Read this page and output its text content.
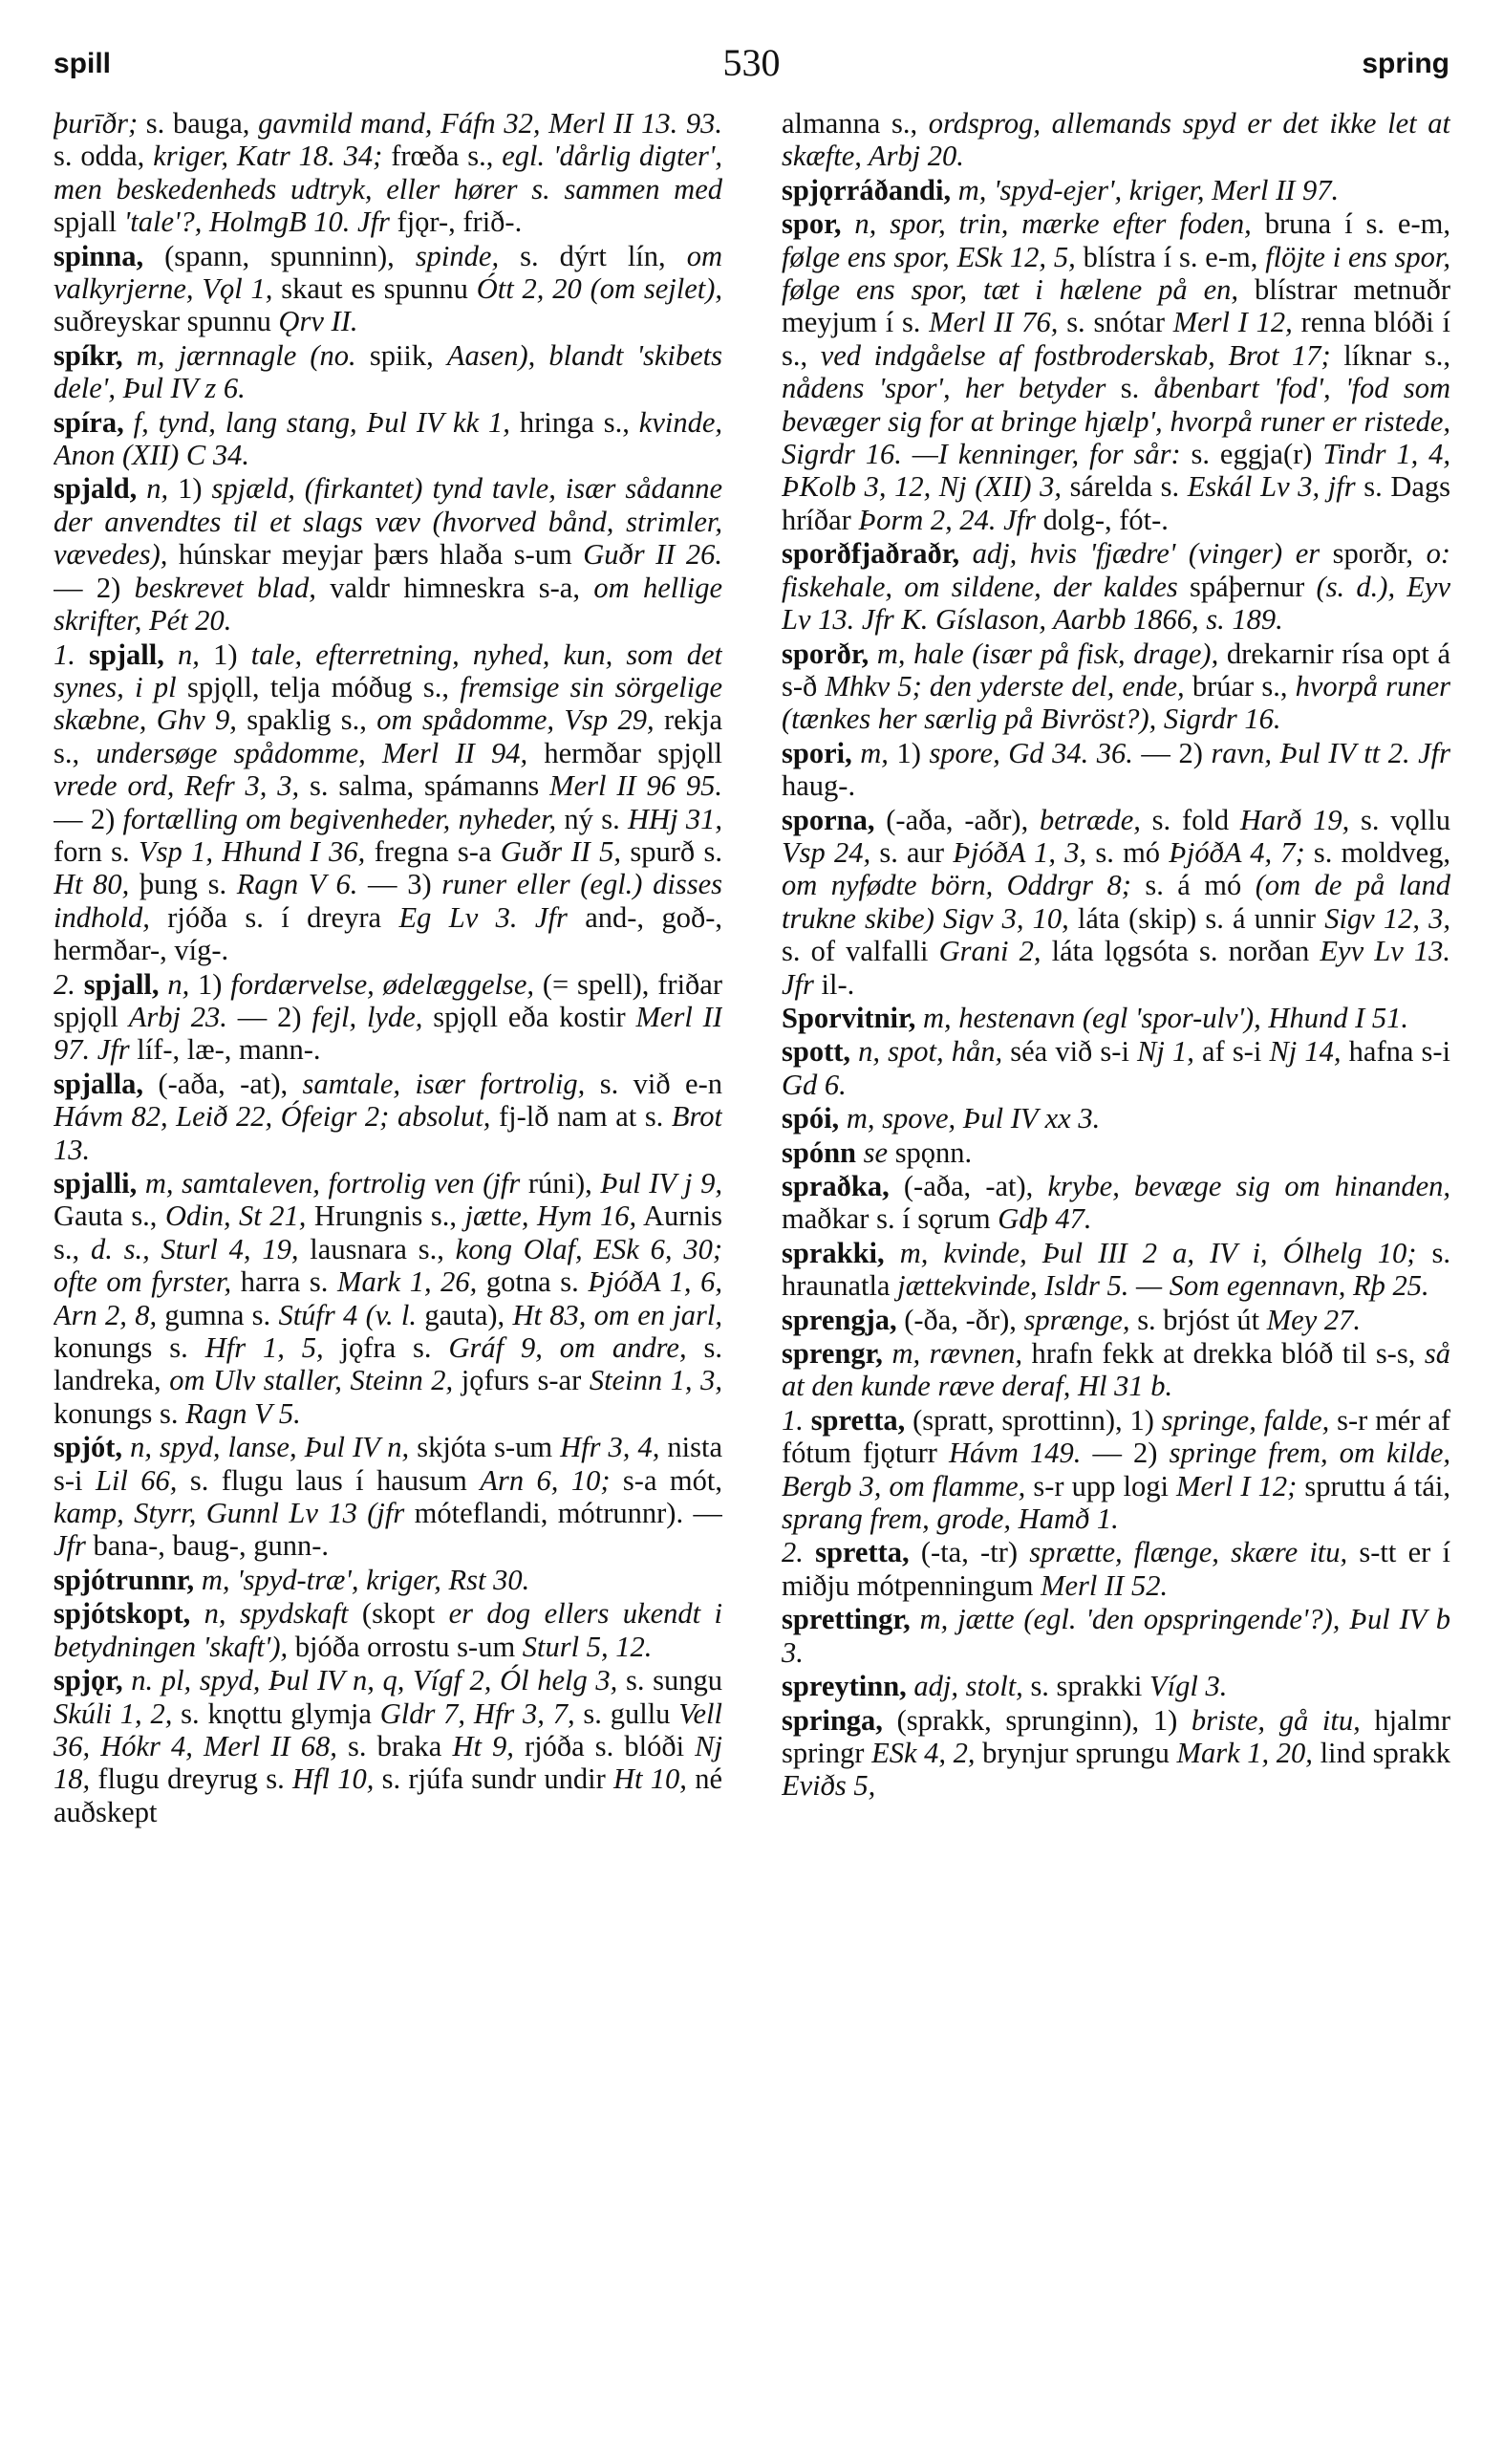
spill	530	spring

þurīðr; s. bauga, gavmild mand, Fáfn 32, Merl II 13. 93. s. odda, kriger, Katr 18. 34; frœða s., egl. 'dårlig digter', men beskedenheds udtryk, eller hører s. sammen med spjall 'tale'?, HolmgB 10. Jfr fjǫr-, frið-.

spinna, (spann, spunninn), spinde, s. dýrt lín, om valkyrjerne, Vǫl 1, skaut es spunnu Ótt 2, 20 (om sejlet), suðreyskar spunnu Ǫrv II.

spíkr, m, jærnnagle (no. spiik, Aasen), blandt 'skibets dele', Þul IV z 6.

spíra, f, tynd, lang stang, Þul IV kk 1, hringa s., kvinde, Anon (XII) C 34.

spjald, n, 1) spjæld, (firkantet) tynd tavle, især sådanne der anvendtes til et slags væv (hvorved bånd, strimler, vævedes), húnskar meyjar þærs hlaða s-um Guðr II 26. — 2) beskrevet blad, valdr himneskra s-a, om hellige skrifter, Pét 20.

1. spjall, n, 1) tale, efterretning, nyhed, kun, som det synes, i pl spjǫll, telja móðug s., fremsige sin sörgelige skæbne, Ghv 9, spaklig s., om spådomme, Vsp 29, rekja s., undersøge spådomme, Merl II 94, hermðar spjǫll vrede ord, Refr 3, 3, s. salma, spámanns Merl II 96 95. — 2) fortælling om begivenheder, nyheder, ný s. HHj 31, forn s. Vsp 1, Hhund I 36, fregna s-a Guðr II 5, spurð s. Ht 80, þung s. Ragn V 6. — 3) runer eller (egl.) disses indhold, rjóða s. í dreyra Eg Lv 3. Jfr and-, goð-, hermðar-, víg-.

2. spjall, n, 1) fordærvelse, ødelæggelse, (= spell), friðar spjǫll Arbj 23. — 2) fejl, lyde, spjǫll eða kostir Merl II 97. Jfr líf-, læ-, mann-.

spjalla, (-aða, -at), samtale, især fortrolig, s. við e-n Hávm 82, Leið 22, Ófeigr 2; absolut, fj-lð nam at s. Brot 13.

spjalli, m, samtaleven, fortrolig ven (jfr rúni), Þul IV j 9, Gauta s., Odin, St 21, Hrungnis s., jætte, Hym 16, Aurnis s., d. s., Sturl 4, 19, lausnara s., kong Olaf, ESk 6, 30; ofte om fyrster, harra s. Mark 1, 26, gotna s. ÞjóðA 1, 6, Arn 2, 8, gumna s. Stúfr 4 (v. l. gauta), Ht 83, om en jarl, konungs s. Hfr 1, 5, jǫfra s. Gráf 9, om andre, s. landreka, om Ulv staller, Steinn 2, jǫfurs s-ar Steinn 1, 3, konungs s. Ragn V 5.

spjót, n, spyd, lanse, Þul IV n, skjóta s-um Hfr 3, 4, nista s-i Lil 66, s. flugu laus í hausum Arn 6, 10; s-a mót, kamp, Styrr, Gunnl Lv 13 (jfr móteflandi, mótrunnr). — Jfr bana-, baug-, gunn-.

spjótrunnr, m, 'spyd-træ', kriger, Rst 30.

spjótskopt, n, spydskaft (skopt er dog ellers ukendt i betydningen 'skaft'), bjóða orrostu s-um Sturl 5, 12.

spjǫr, n. pl, spyd, Þul IV n, q, Vígf 2, Ól helg 3, s. sungu Skúli 1, 2, s. knǫttu glymja Gldr 7, Hfr 3, 7, s. gullu Vell 36, Hókr 4, Merl II 68, s. braka Ht 9, rjóða s. blóði Nj 18, flugu dreyrug s. Hfl 10, s. rjúfa sundr undir Ht 10, né auðskept

almanna s., ordsprog, allemands spyd er det ikke let at skæfte, Arbj 20.

spjǫrráðandi, m, 'spyd-ejer', kriger, Merl II 97.

spor, n, spor, trin, mærke efter foden, bruna í s. e-m, følge ens spor, ESk 12, 5, blístra í s. e-m, flöjte i ens spor, følge ens spor, tæt i hælene på en, blístrar metnuðr meyjum í s. Merl II 76, s. snótar Merl I 12, renna blóði í s., ved indgåelse af fostbroderskab, Brot 17; líknar s., nådens 'spor', her betyder s. åbenbart 'fod', 'fod som bevæger sig for at bringe hjælp', hvorpå runer er ristede, Sigrdr 16. —I kenninger, for sår: s. eggja(r) Tindr 1, 4, ÞKolb 3, 12, Nj (XII) 3, sárelda s. Eskál Lv 3, jfr s. Dags hríðar Þorm 2, 24. Jfr dolg-, fót-.

sporðfjaðraðr, adj, hvis 'fjædre' (vinger) er sporðr, o: fiskehale, om sildene, der kaldes spáþernur (s. d.), Eyv Lv 13. Jfr K. Gíslason, Aarbb 1866, s. 189.

sporðr, m, hale (især på fisk, drage), drekarnir rísa opt á s-ð Mhkv 5; den yderste del, ende, brúar s., hvorpå runer (tænkes her særlig på Bivröst?), Sigrdr 16.

spori, m, 1) spore, Gd 34. 36. — 2) ravn, Þul IV tt 2. Jfr haug-.

sporna, (-aða, -aðr), betræde, s. fold Harð 19, s. vǫllu Vsp 24, s. aur ÞjóðA 1, 3, s. mó ÞjóðA 4, 7; s. moldveg, om nyfødte börn, Oddrgr 8; s. á mó (om de på land trukne skibe) Sigv 3, 10, láta (skip) s. á unnir Sigv 12, 3, s. of valfalli Grani 2, láta lǫgsóta s. norðan Eyv Lv 13. Jfr il-.

Sporvitnir, m, hestenavn (egl 'spor-ulv'), Hhund I 51.

spott, n, spot, hån, séa við s-i Nj 1, af s-i Nj 14, hafna s-i Gd 6.

spói, m, spove, Þul IV xx 3.

spónn se spǫnn.

spraðka, (-aða, -at), krybe, bevæge sig om hinanden, maðkar s. í sǫrum Gdþ 47.

sprakki, m, kvinde, Þul III 2 a, IV i, Ólhelg 10; s. hraunatla jættekvinde, Isldr 5. — Som egennavn, Rþ 25.

sprengja, (-ða, -ðr), sprænge, s. brjóst út Mey 27.

sprengr, m, rævnen, hrafn fekk at drekka blóð til s-s, så at den kunde ræve deraf, Hl 31 b.

1. spretta, (spratt, sprottinn), 1) springe, falde, s-r mér af fótum fjǫturr Hávm 149. — 2) springe frem, om kilde, Bergb 3, om flamme, s-r upp logi Merl I 12; spruttu á tái, sprang frem, grode, Hamð 1.

2. spretta, (-ta, -tr) sprætte, flænge, skære itu, s-tt er í miðju mótpenningum Merl II 52.

sprettingr, m, jætte (egl. 'den opspringende'?), Þul IV b 3.

spreytinn, adj, stolt, s. sprakki Vígl 3.

springa, (sprakk, sprunginn), 1) briste, gå itu, hjalmr springr ESk 4, 2, brynjur sprungu Mark 1, 20, lind sprakk Eviðs 5,
